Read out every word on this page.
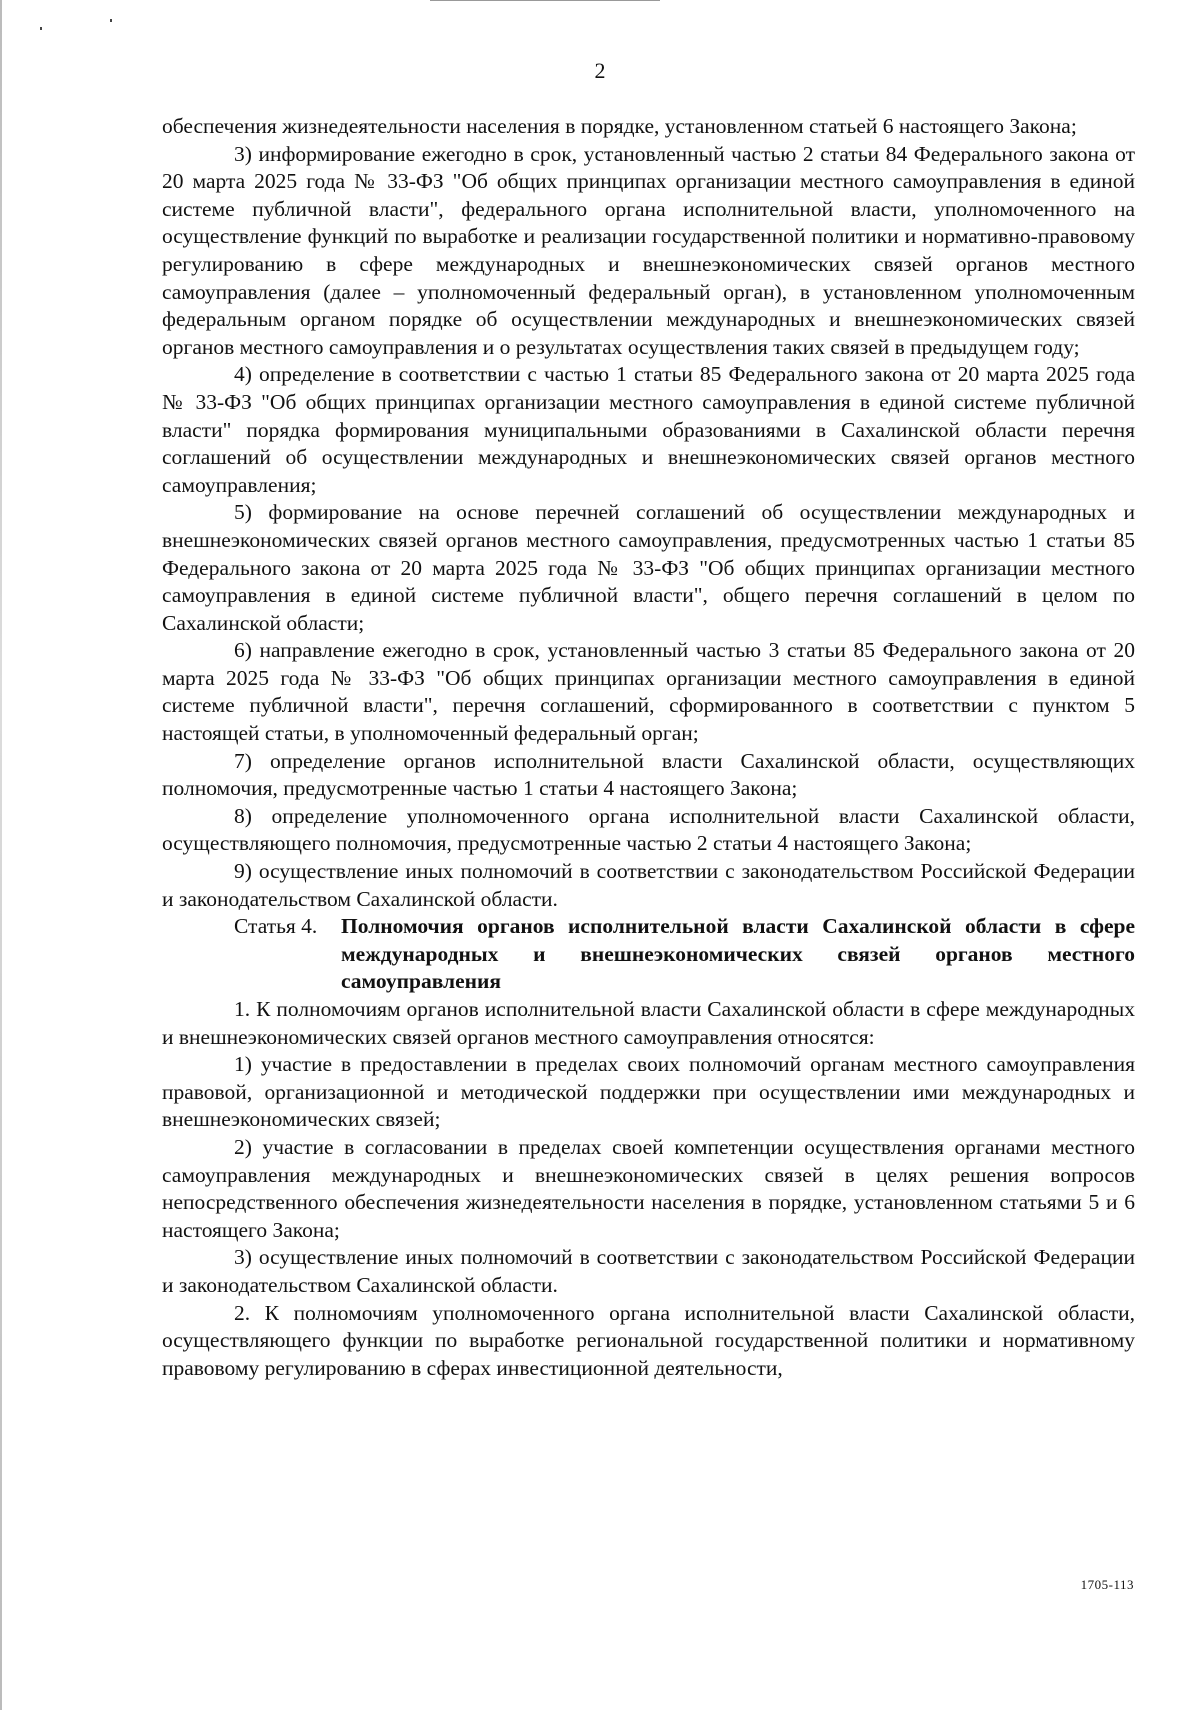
2

обеспечения жизнедеятельности населения в порядке, установленном статьей 6 настоящего Закона;

3) информирование ежегодно в срок, установленный частью 2 статьи 84 Федерального закона от 20 марта 2025 года № 33-ФЗ "Об общих принципах организации местного самоуправления в единой системе публичной власти", федерального органа исполнительной власти, уполномоченного на осуществление функций по выработке и реализации государственной политики и нормативно-правовому регулированию в сфере международных и внешнеэкономических связей органов местного самоуправления (далее – уполномоченный федеральный орган), в установленном уполномоченным федеральным органом порядке об осуществлении международных и внешнеэкономических связей органов местного самоуправления и о результатах осуществления таких связей в предыдущем году;

4) определение в соответствии с частью 1 статьи 85 Федерального закона от 20 марта 2025 года № 33-ФЗ "Об общих принципах организации местного самоуправления в единой системе публичной власти" порядка формирования муниципальными образованиями в Сахалинской области перечня соглашений об осуществлении международных и внешнеэкономических связей органов местного самоуправления;

5) формирование на основе перечней соглашений об осуществлении международных и внешнеэкономических связей органов местного самоуправления, предусмотренных частью 1 статьи 85 Федерального закона от 20 марта 2025 года № 33-ФЗ "Об общих принципах организации местного самоуправления в единой системе публичной власти", общего перечня соглашений в целом по Сахалинской области;

6) направление ежегодно в срок, установленный частью 3 статьи 85 Федерального закона от 20 марта 2025 года № 33-ФЗ "Об общих принципах организации местного самоуправления в единой системе публичной власти", перечня соглашений, сформированного в соответствии с пунктом 5 настоящей статьи, в уполномоченный федеральный орган;

7) определение органов исполнительной власти Сахалинской области, осуществляющих полномочия, предусмотренные частью 1 статьи 4 настоящего Закона;

8) определение уполномоченного органа исполнительной власти Сахалинской области, осуществляющего полномочия, предусмотренные частью 2 статьи 4 настоящего Закона;

9) осуществление иных полномочий в соответствии с законодательством Российской Федерации и законодательством Сахалинской области.

Статья 4.	Полномочия органов исполнительной власти Сахалинской области в сфере международных и внешнеэкономических связей органов местного самоуправления

1. К полномочиям органов исполнительной власти Сахалинской области в сфере международных и внешнеэкономических связей органов местного самоуправления относятся:

1) участие в предоставлении в пределах своих полномочий органам местного самоуправления правовой, организационной и методической поддержки при осуществлении ими международных и внешнеэкономических связей;

2) участие в согласовании в пределах своей компетенции осуществления органами местного самоуправления международных и внешнеэкономических связей в целях решения вопросов непосредственного обеспечения жизнедеятельности населения в порядке, установленном статьями 5 и 6 настоящего Закона;

3) осуществление иных полномочий в соответствии с законодательством Российской Федерации и законодательством Сахалинской области.

2. К полномочиям уполномоченного органа исполнительной власти Сахалинской области, осуществляющего функции по выработке региональной государственной политики и нормативному правовому регулированию в сферах инвестиционной деятельности,

1705-113
